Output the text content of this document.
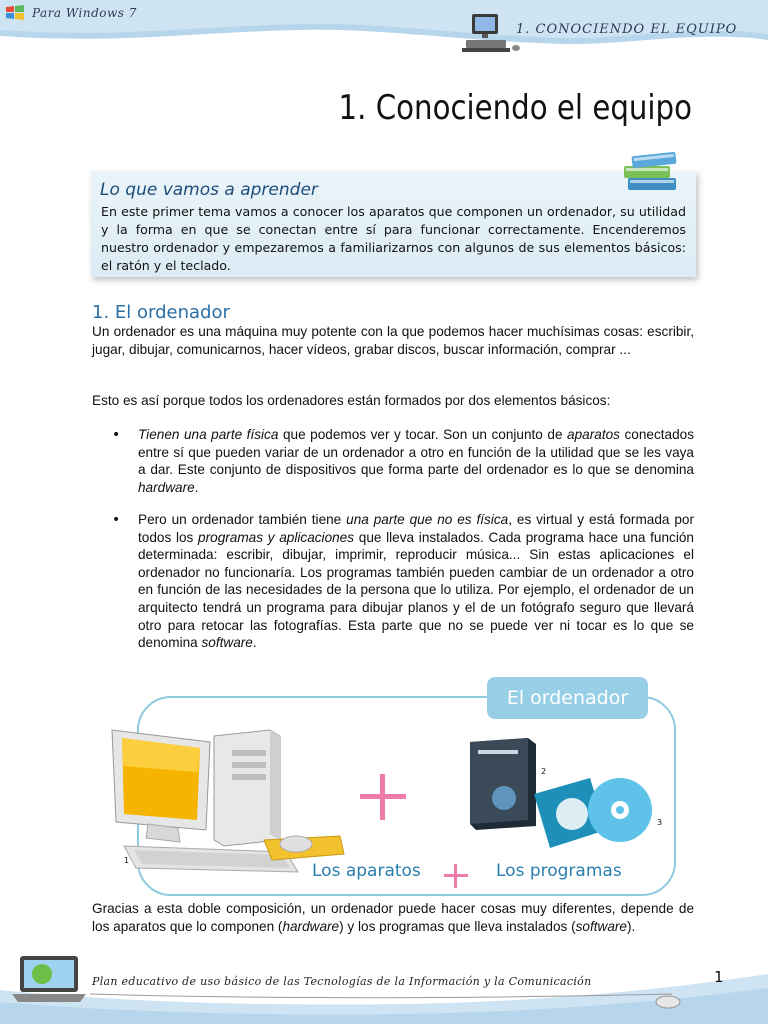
Para Windows 7
1. CONOCIENDO EL EQUIPO
1. Conociendo el equipo
Lo que vamos a aprender
En este primer tema vamos a conocer los aparatos que componen un ordenador, su utilidad y la forma en que se conectan entre sí para funcionar correctamente. Encenderemos nuestro ordenador y empezaremos a familiarizarnos con algunos de sus elementos básicos: el ratón y el teclado.
1. El ordenador
Un ordenador es una máquina muy potente con la que podemos hacer muchísimas cosas: escribir, jugar, dibujar, comunicarnos, hacer vídeos, grabar discos, buscar información, comprar ...
Esto es así porque todos los ordenadores están formados por dos elementos básicos:
• Tienen una parte física que podemos ver y tocar. Son un conjunto de aparatos conectados entre sí que pueden variar de un ordenador a otro en función de la utilidad que se les vaya a dar. Este conjunto de dispositivos que forma parte del ordenador es lo que se denomina hardware.
• Pero un ordenador también tiene una parte que no es física, es virtual y está formada por todos los programas y aplicaciones que lleva instalados. Cada programa hace una función determinada: escribir, dibujar, imprimir, reproducir música... Sin estas aplicaciones el ordenador no funcionaría. Los programas también pueden cambiar de un ordenador a otro en función de las necesidades de la persona que lo utiliza. Por ejemplo, el ordenador de un arquitecto tendrá un programa para dibujar planos y el de un fotógrafo seguro que llevará otro para retocar las fotografías. Esta parte que no se puede ver ni tocar es lo que se denomina software.
El ordenador
1
2
3
Los aparatos	Los programas
Gracias a esta doble composición, un ordenador puede hacer cosas muy diferentes, depende de los aparatos que lo componen (hardware) y los programas que lleva instalados (software).
Plan educativo de uso básico de las Tecnologías de la Información y la Comunicación	1
